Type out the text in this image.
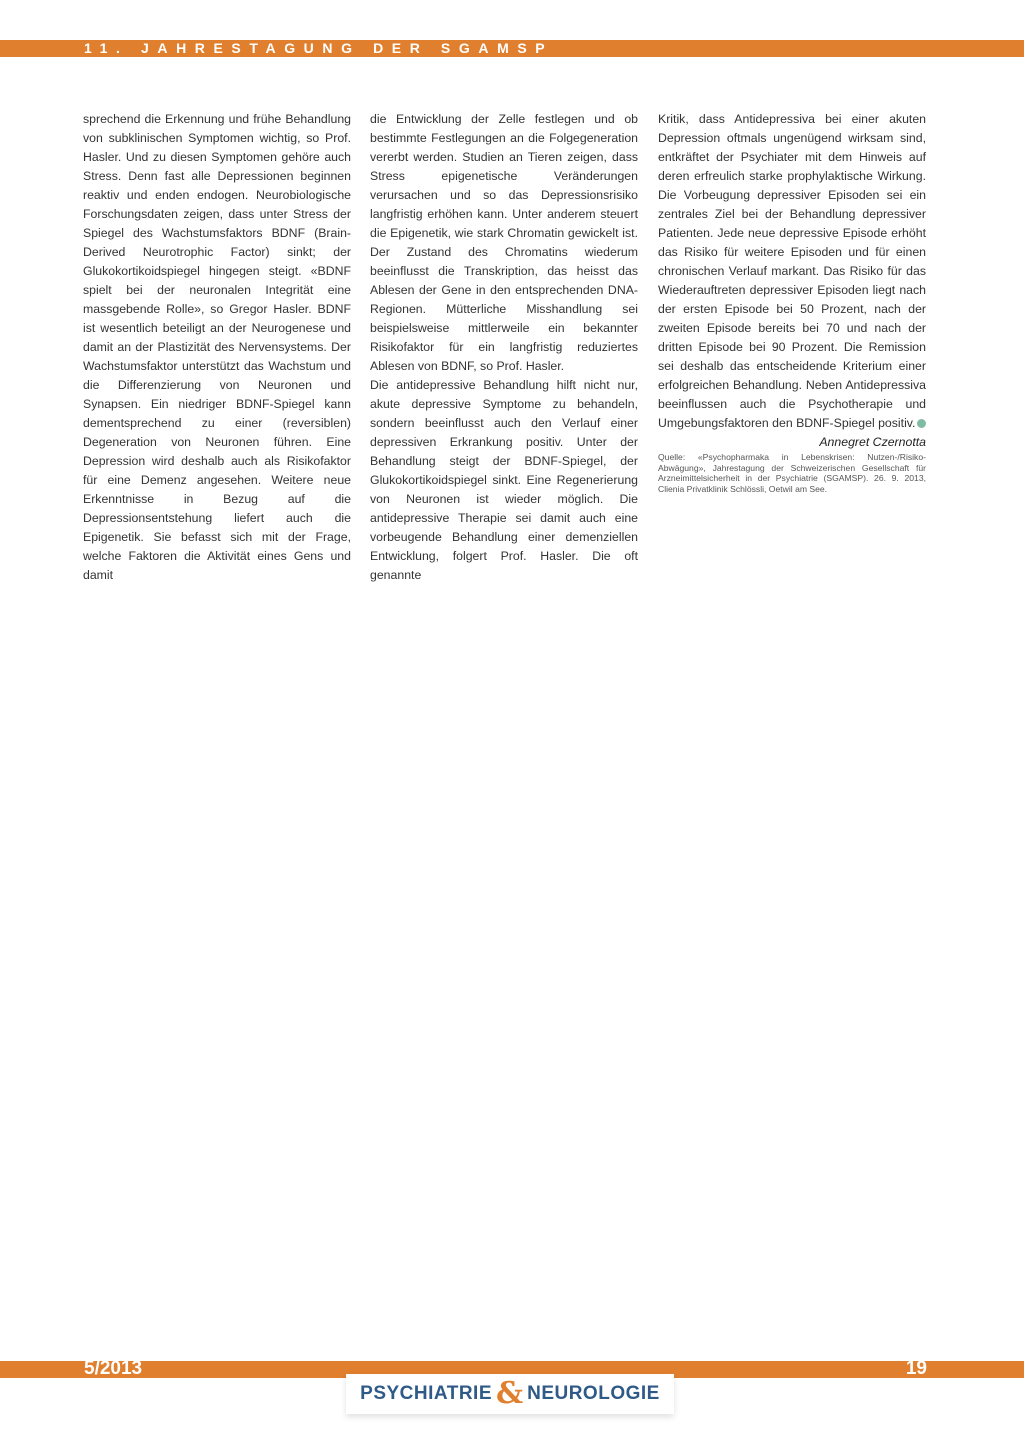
11. JAHRESTAGUNG DER SGAMSP

sprechend die Erkennung und frühe Behandlung von subklinischen Symptomen wichtig, so Prof. Hasler. Und zu diesen Symptomen gehöre auch Stress. Denn fast alle Depressionen beginnen reaktiv und enden endogen. Neurobiologische Forschungsdaten zeigen, dass unter Stress der Spiegel des Wachstumsfaktors BDNF (Brain-Derived Neurotrophic Factor) sinkt; der Glukokortikoidspiegel hingegen steigt. «BDNF spielt bei der neuronalen Integrität eine massgebende Rolle», so Gregor Hasler. BDNF ist wesentlich beteiligt an der Neurogenese und damit an der Plastizität des Nervensystems. Der Wachstumsfaktor unterstützt das Wachstum und die Differenzierung von Neuronen und Synapsen. Ein niedriger BDNF-Spiegel kann dementsprechend zu einer (reversiblen) Degeneration von Neuronen führen. Eine Depression wird deshalb auch als Risikofaktor für eine Demenz angesehen. Weitere neue Erkenntnisse in Bezug auf die Depressionsentstehung liefert auch die Epigenetik. Sie befasst sich mit der Frage, welche Faktoren die Aktivität eines Gens und damit

die Entwicklung der Zelle festlegen und ob bestimmte Festlegungen an die Folgegeneration vererbt werden. Studien an Tieren zeigen, dass Stress epigenetische Veränderungen verursachen und so das Depressionsrisiko langfristig erhöhen kann. Unter anderem steuert die Epigenetik, wie stark Chromatin gewickelt ist. Der Zustand des Chromatins wiederum beeinflusst die Transkription, das heisst das Ablesen der Gene in den entsprechenden DNA-Regionen. Mütterliche Misshandlung sei beispielsweise mittlerweile ein bekannter Risikofaktor für ein langfristig reduziertes Ablesen von BDNF, so Prof. Hasler.

Die antidepressive Behandlung hilft nicht nur, akute depressive Symptome zu behandeln, sondern beeinflusst auch den Verlauf einer depressiven Erkrankung positiv. Unter der Behandlung steigt der BDNF-Spiegel, der Glukokortikoidspiegel sinkt. Eine Regenerierung von Neuronen ist wieder möglich. Die antidepressive Therapie sei damit auch eine vorbeugende Behandlung einer demenziellen Entwicklung, folgert Prof. Hasler. Die oft genannte

Kritik, dass Antidepressiva bei einer akuten Depression oftmals ungenügend wirksam sind, entkräftet der Psychiater mit dem Hinweis auf deren erfreulich starke prophylaktische Wirkung. Die Vorbeugung depressiver Episoden sei ein zentrales Ziel bei der Behandlung depressiver Patienten. Jede neue depressive Episode erhöht das Risiko für weitere Episoden und für einen chronischen Verlauf markant. Das Risiko für das Wiederauftreten depressiver Episoden liegt nach der ersten Episode bei 50 Prozent, nach der zweiten Episode bereits bei 70 und nach der dritten Episode bei 90 Prozent. Die Remission sei deshalb das entscheidende Kriterium einer erfolgreichen Behandlung. Neben Antidepressiva beeinflussen auch die Psychotherapie und Umgebungsfaktoren den BDNF-Spiegel positiv.

Annegret Czernotta

Quelle: «Psychopharmaka in Lebenskrisen: Nutzen-/Risiko-Abwägung», Jahrestagung der Schweizerischen Gesellschaft für Arzneimittelsicherheit in der Psychiatrie (SGAMSP). 26. 9. 2013, Clienia Privatklinik Schlössli, Oetwil am See.

5/2013	19
PSYCHIATRIE & NEUROLOGIE
